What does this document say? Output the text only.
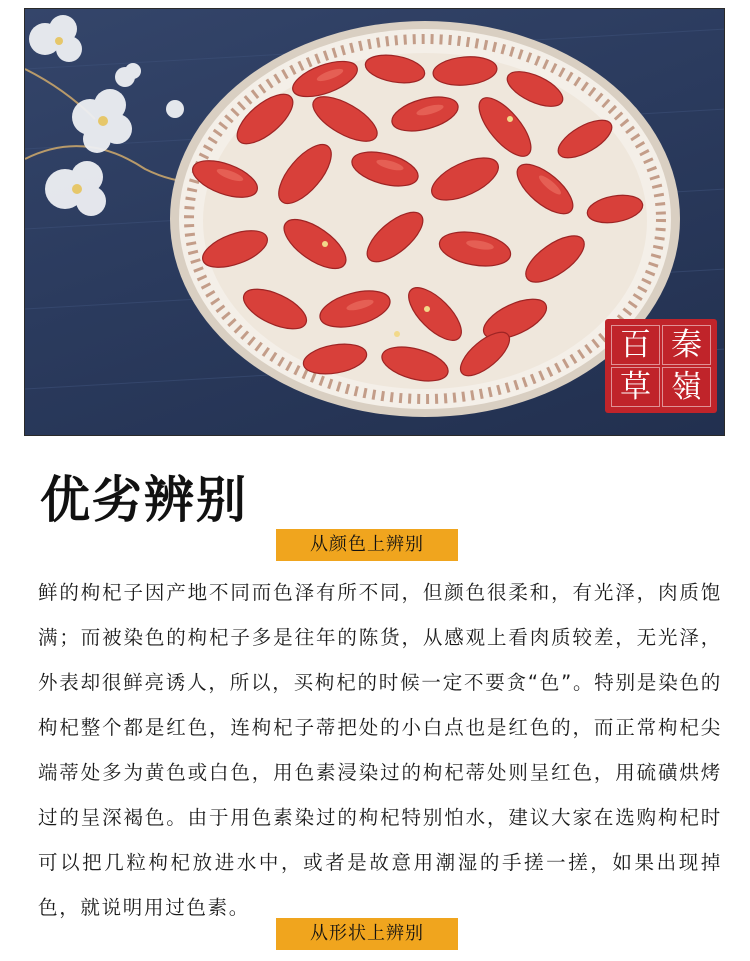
百 秦
草 嶺
优劣辨别
从颜色上辨别

鲜的枸杞子因产地不同而色泽有所不同，但颜色很柔和，有光泽，肉质饱满；而被染色的枸杞子多是往年的陈货，从感观上看肉质较差，无光泽，外表却很鲜亮诱人，所以，买枸杞的时候一定不要贪“色”。特别是染色的枸杞整个都是红色，连枸杞子蒂把处的小白点也是红色的，而正常枸杞尖端蒂处多为黄色或白色，用色素浸染过的枸杞蒂处则呈红色，用硫磺烘烤过的呈深褐色。由于用色素染过的枸杞特别怕水，建议大家在选购枸杞时可以把几粒枸杞放进水中，或者是故意用潮湿的手搓一搓，如果出现掉色，就说明用过色素。

从形状上辨别
